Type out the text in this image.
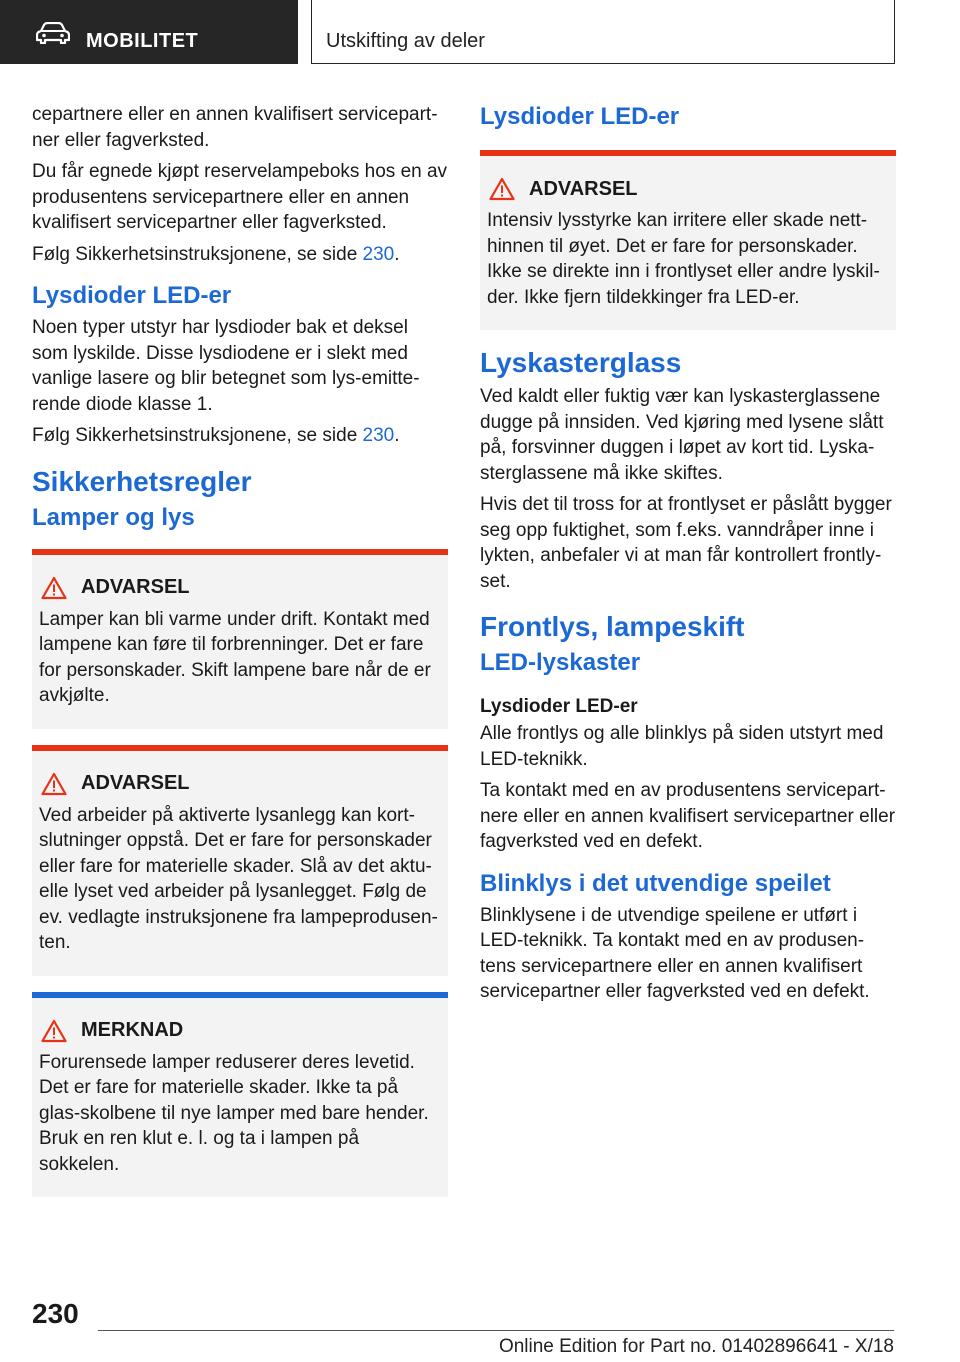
MOBILITET	Utskifting av deler

cepartnere eller en annen kvalifisert servicepart-ner eller fagverksted.

Du får egnede kjøpt reservelampeboks hos en av produsentens servicepartnere eller en annen kvalifisert servicepartner eller fagverksted.

Følg Sikkerhetsinstruksjonene, se side 230.

Lysdioder LED-er

Noen typer utstyr har lysdioder bak et deksel som lyskilde. Disse lysdiodene er i slekt med vanlige lasere og blir betegnet som lys-emitte-rende diode klasse 1.

Følg Sikkerhetsinstruksjonene, se side 230.

Sikkerhetsregler
Lamper og lys
ADVARSEL

Lamper kan bli varme under drift. Kontakt med lampene kan føre til forbrenninger. Det er fare for personskader. Skift lampene bare når de er avkjølte.

ADVARSEL

Ved arbeider på aktiverte lysanlegg kan kort-slutninger oppstå. Det er fare for personskader eller fare for materielle skader. Slå av det aktu-elle lyset ved arbeider på lysanlegget. Følg de ev. vedlagte instruksjonene fra lampeprodusen-ten.

MERKNAD

Forurensede lamper reduserer deres levetid. Det er fare for materielle skader. Ikke ta på glas-skolbene til nye lamper med bare hender. Bruk en ren klut e. l. og ta i lampen på sokkelen.

Lysdioder LED-er
ADVARSEL

Intensiv lysstyrke kan irritere eller skade nett-hinnen til øyet. Det er fare for personskader. Ikke se direkte inn i frontlyset eller andre lyskil-der. Ikke fjern tildekkinger fra LED-er.

Lyskasterglass

Ved kaldt eller fuktig vær kan lyskasterglassene dugge på innsiden. Ved kjøring med lysene slått på, forsvinner duggen i løpet av kort tid. Lyska-sterglassene må ikke skiftes.

Hvis det til tross for at frontlyset er påslått bygger seg opp fuktighet, som f.eks. vanndråper inne i lykten, anbefaler vi at man får kontrollert frontly-set.

Frontlys, lampeskift
LED-lyskaster
Lysdioder LED-er

Alle frontlys og alle blinklys på siden utstyrt med LED-teknikk.

Ta kontakt med en av produsentens servicepart-nere eller en annen kvalifisert servicepartner eller fagverksted ved en defekt.

Blinklys i det utvendige speilet

Blinklysene i de utvendige speilene er utført i LED-teknikk. Ta kontakt med en av produsen-tens servicepartnere eller en annen kvalifisert servicepartner eller fagverksted ved en defekt.

230
Online Edition for Part no. 01402896641 - X/18
